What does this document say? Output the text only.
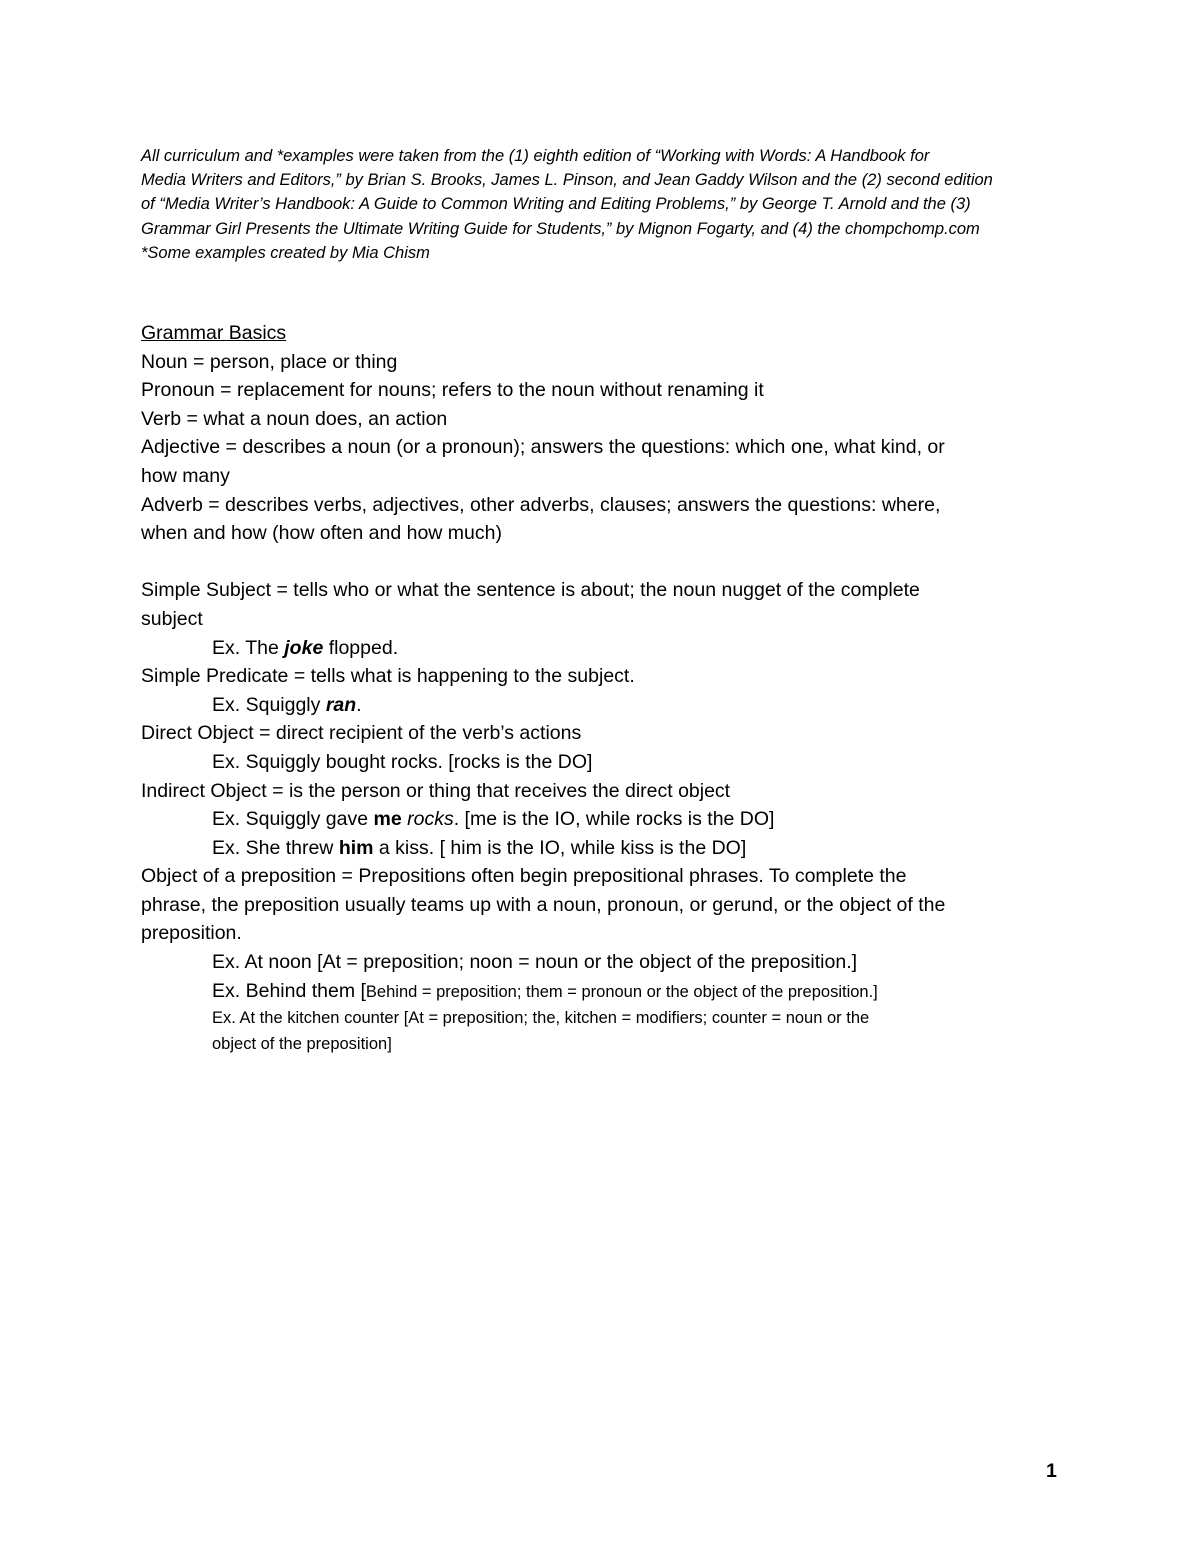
All curriculum and *examples were taken from the (1) eighth edition of “Working with Words: A Handbook for
Media Writers and Editors,” by Brian S. Brooks, James L. Pinson, and Jean Gaddy Wilson and the (2) second edition
of “Media Writer’s Handbook: A Guide to Common Writing and Editing Problems,” by George T. Arnold and the (3)
Grammar Girl Presents the Ultimate Writing Guide for Students,” by Mignon Fogarty, and (4) the chompchomp.com
*Some examples created by Mia Chism
Grammar Basics
Noun = person, place or thing
Pronoun = replacement for nouns; refers to the noun without renaming it
Verb = what a noun does, an action
Adjective = describes a noun (or a pronoun); answers the questions: which one, what kind, or
how many
Adverb = describes verbs, adjectives, other adverbs, clauses; answers the questions: where,
when and how (how often and how much)
Simple Subject = tells who or what the sentence is about; the noun nugget of the complete
subject
Ex. The joke flopped.
Simple Predicate = tells what is happening to the subject.
Ex. Squiggly ran.
Direct Object = direct recipient of the verb’s actions
Ex. Squiggly bought rocks. [rocks is the DO]
Indirect Object = is the person or thing that receives the direct object
Ex. Squiggly gave me rocks. [me is the IO, while rocks is the DO]
Ex. She threw him a kiss. [ him is the IO, while kiss is the DO]
Object of a preposition = Prepositions often begin prepositional phrases. To complete the
phrase, the preposition usually teams up with a noun, pronoun, or gerund, or the object of the
preposition.
Ex. At noon [At = preposition; noon = noun or the object of the preposition.]
Ex. Behind them [Behind = preposition; them = pronoun or the object of the preposition.]
Ex. At the kitchen counter [At = preposition; the, kitchen = modifiers; counter = noun or the
object of the preposition]
1
